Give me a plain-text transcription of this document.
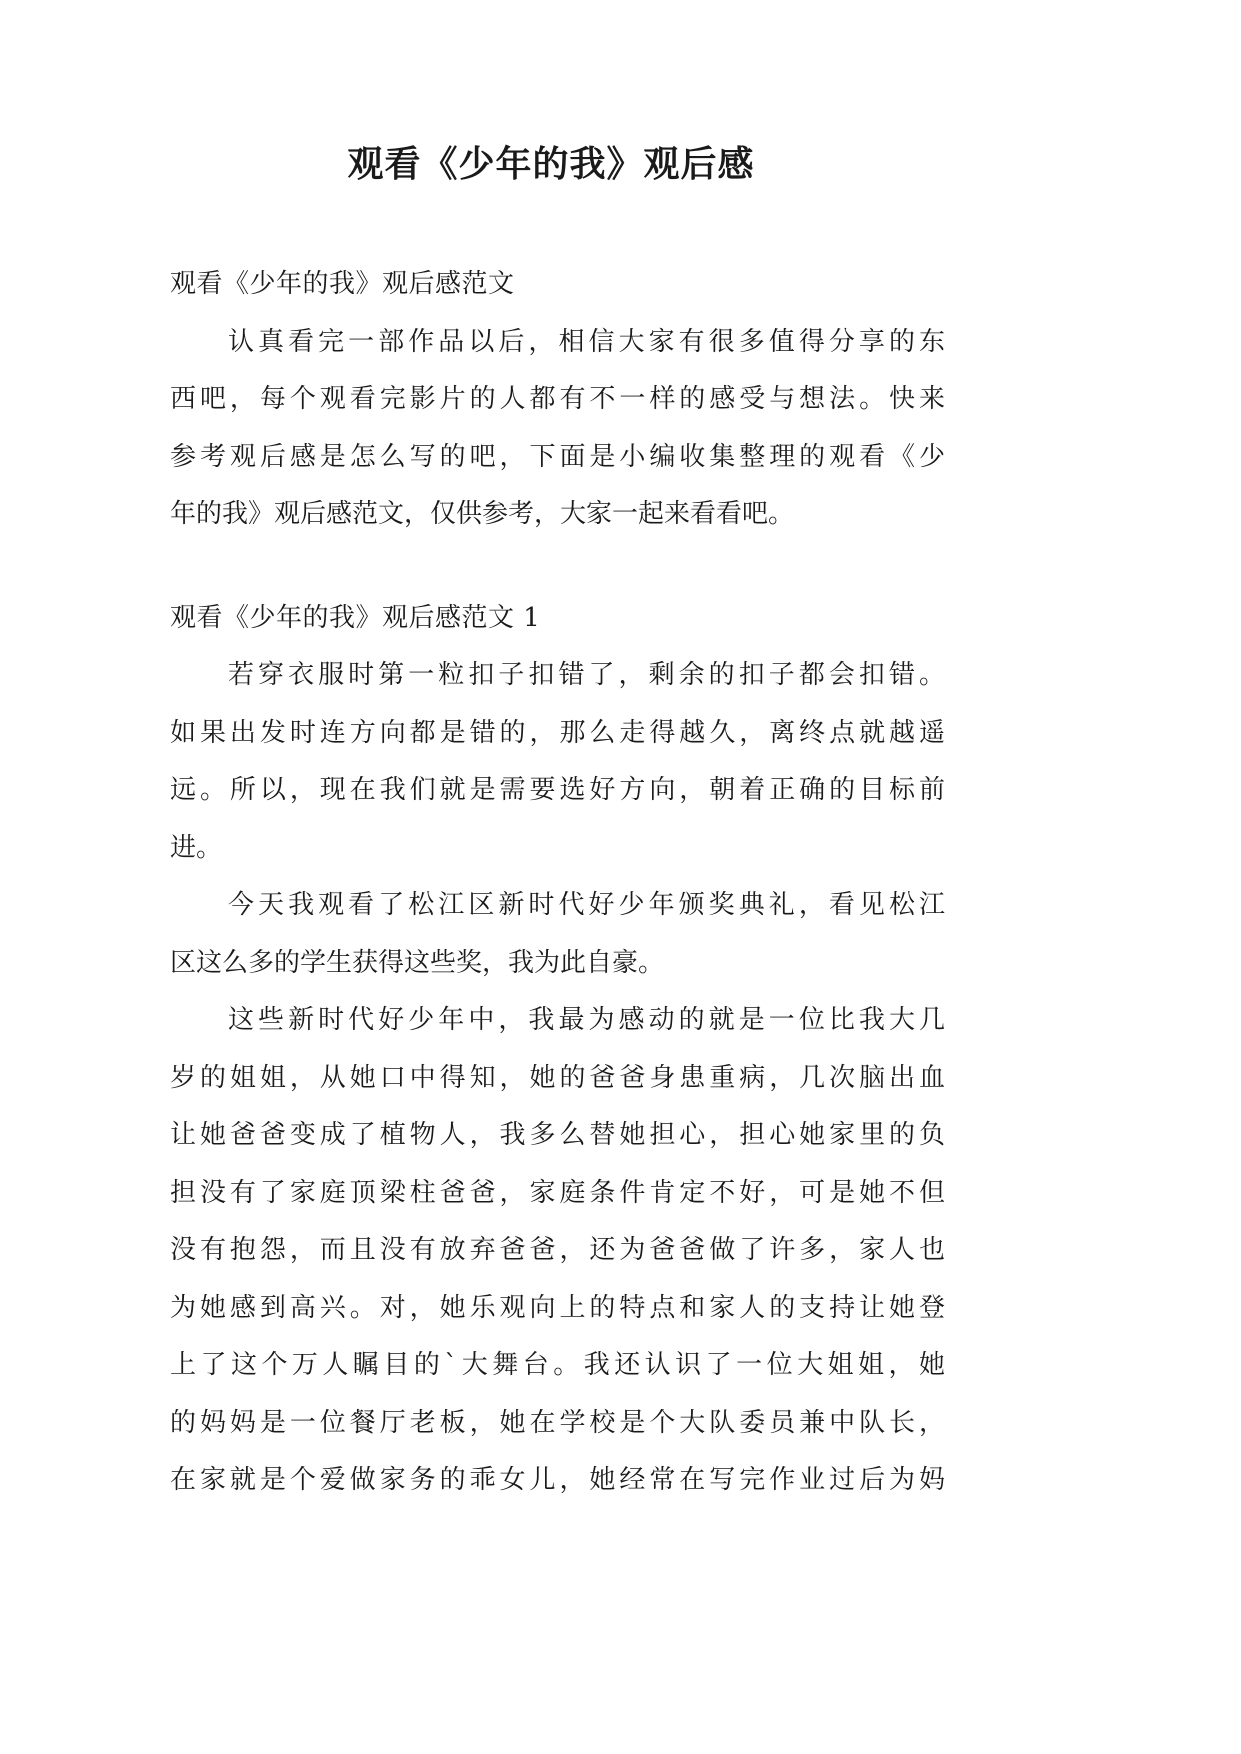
观看《少年的我》观后感

观看《少年的我》观后感范文

认真看完一部作品以后，相信大家有很多值得分享的东

西吧，每个观看完影片的人都有不一样的感受与想法。快来

参考观后感是怎么写的吧，下面是小编收集整理的观看《少

年的我》观后感范文，仅供参考，大家一起来看看吧。

观看《少年的我》观后感范文 1

若穿衣服时第一粒扣子扣错了，剩余的扣子都会扣错。

如果出发时连方向都是错的，那么走得越久，离终点就越遥

远。所以，现在我们就是需要选好方向，朝着正确的目标前

进。

今天我观看了松江区新时代好少年颁奖典礼，看见松江

区这么多的学生获得这些奖，我为此自豪。

这些新时代好少年中，我最为感动的就是一位比我大几

岁的姐姐，从她口中得知，她的爸爸身患重病，几次脑出血

让她爸爸变成了植物人，我多么替她担心，担心她家里的负

担没有了家庭顶梁柱爸爸，家庭条件肯定不好，可是她不但

没有抱怨，而且没有放弃爸爸，还为爸爸做了许多，家人也

为她感到高兴。对，她乐观向上的特点和家人的支持让她登

上了这个万人瞩目的`大舞台。我还认识了一位大姐姐，她

的妈妈是一位餐厅老板，她在学校是个大队委员兼中队长，

在家就是个爱做家务的乖女儿，她经常在写完作业过后为妈
